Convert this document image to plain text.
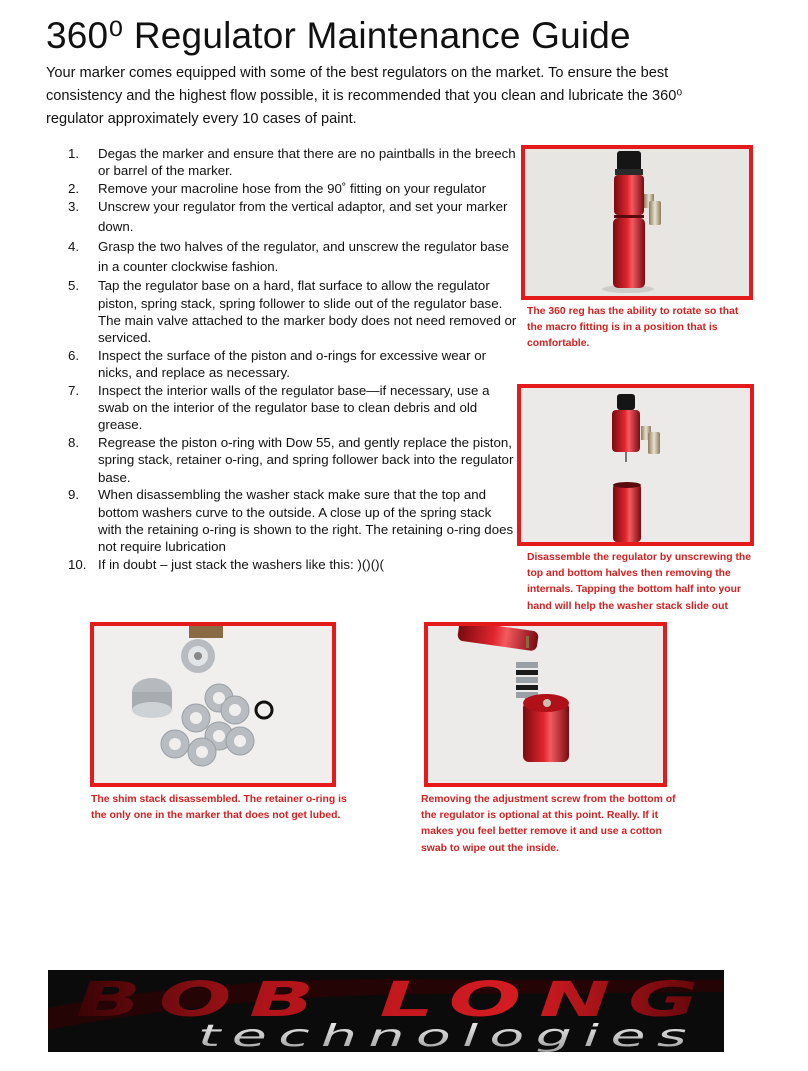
360⁰ Regulator Maintenance Guide

Your marker comes equipped with some of the best regulators on the market. To ensure the best consistency and the highest flow possible, it is recommended that you clean and lubricate the 360⁰ regulator approximately every 10 cases of paint.

1. Degas the marker and ensure that there are no paintballs in the breech or barrel of the marker.
2. Remove your macroline hose from the 90˚ fitting on your regulator
3. Unscrew your regulator from the vertical adaptor, and set your marker down.
4. Grasp the two halves of the regulator, and unscrew the regulator base in a counter clockwise fashion.
5. Tap the regulator base on a hard, flat surface to allow the regulator piston, spring stack, spring follower to slide out of the regulator base. The main valve attached to the marker body does not need removed or serviced.
6. Inspect the surface of the piston and o-rings for excessive wear or nicks, and replace as necessary.
7. Inspect the interior walls of the regulator base—if necessary, use a swab on the interior of the regulator base to clean debris and old grease.
8. Regrease the piston o-ring with Dow 55, and gently replace the piston, spring stack, retainer o-ring, and spring follower back into the regulator base.
9. When disassembling the washer stack make sure that the top and bottom washers curve to the outside. A close up of the spring stack with the retaining o-ring is shown to the right. The retaining o-ring does not require lubrication
10. If in doubt – just stack the washers like this: )()()(

The 360 reg has the ability to rotate so that the macro fitting is in a position that is comfortable.

Disassemble the regulator by unscrewing the top and bottom halves then removing the internals. Tapping the bottom half into your hand will help the washer stack slide out

The shim stack disassembled. The retainer o-ring is the only one in the marker that does not get lubed.

Removing the adjustment screw from the bottom of the regulator is optional at this point. Really. If it makes you feel better remove it and use a cotton swab to wipe out the inside.

BOB LONG
technologies
